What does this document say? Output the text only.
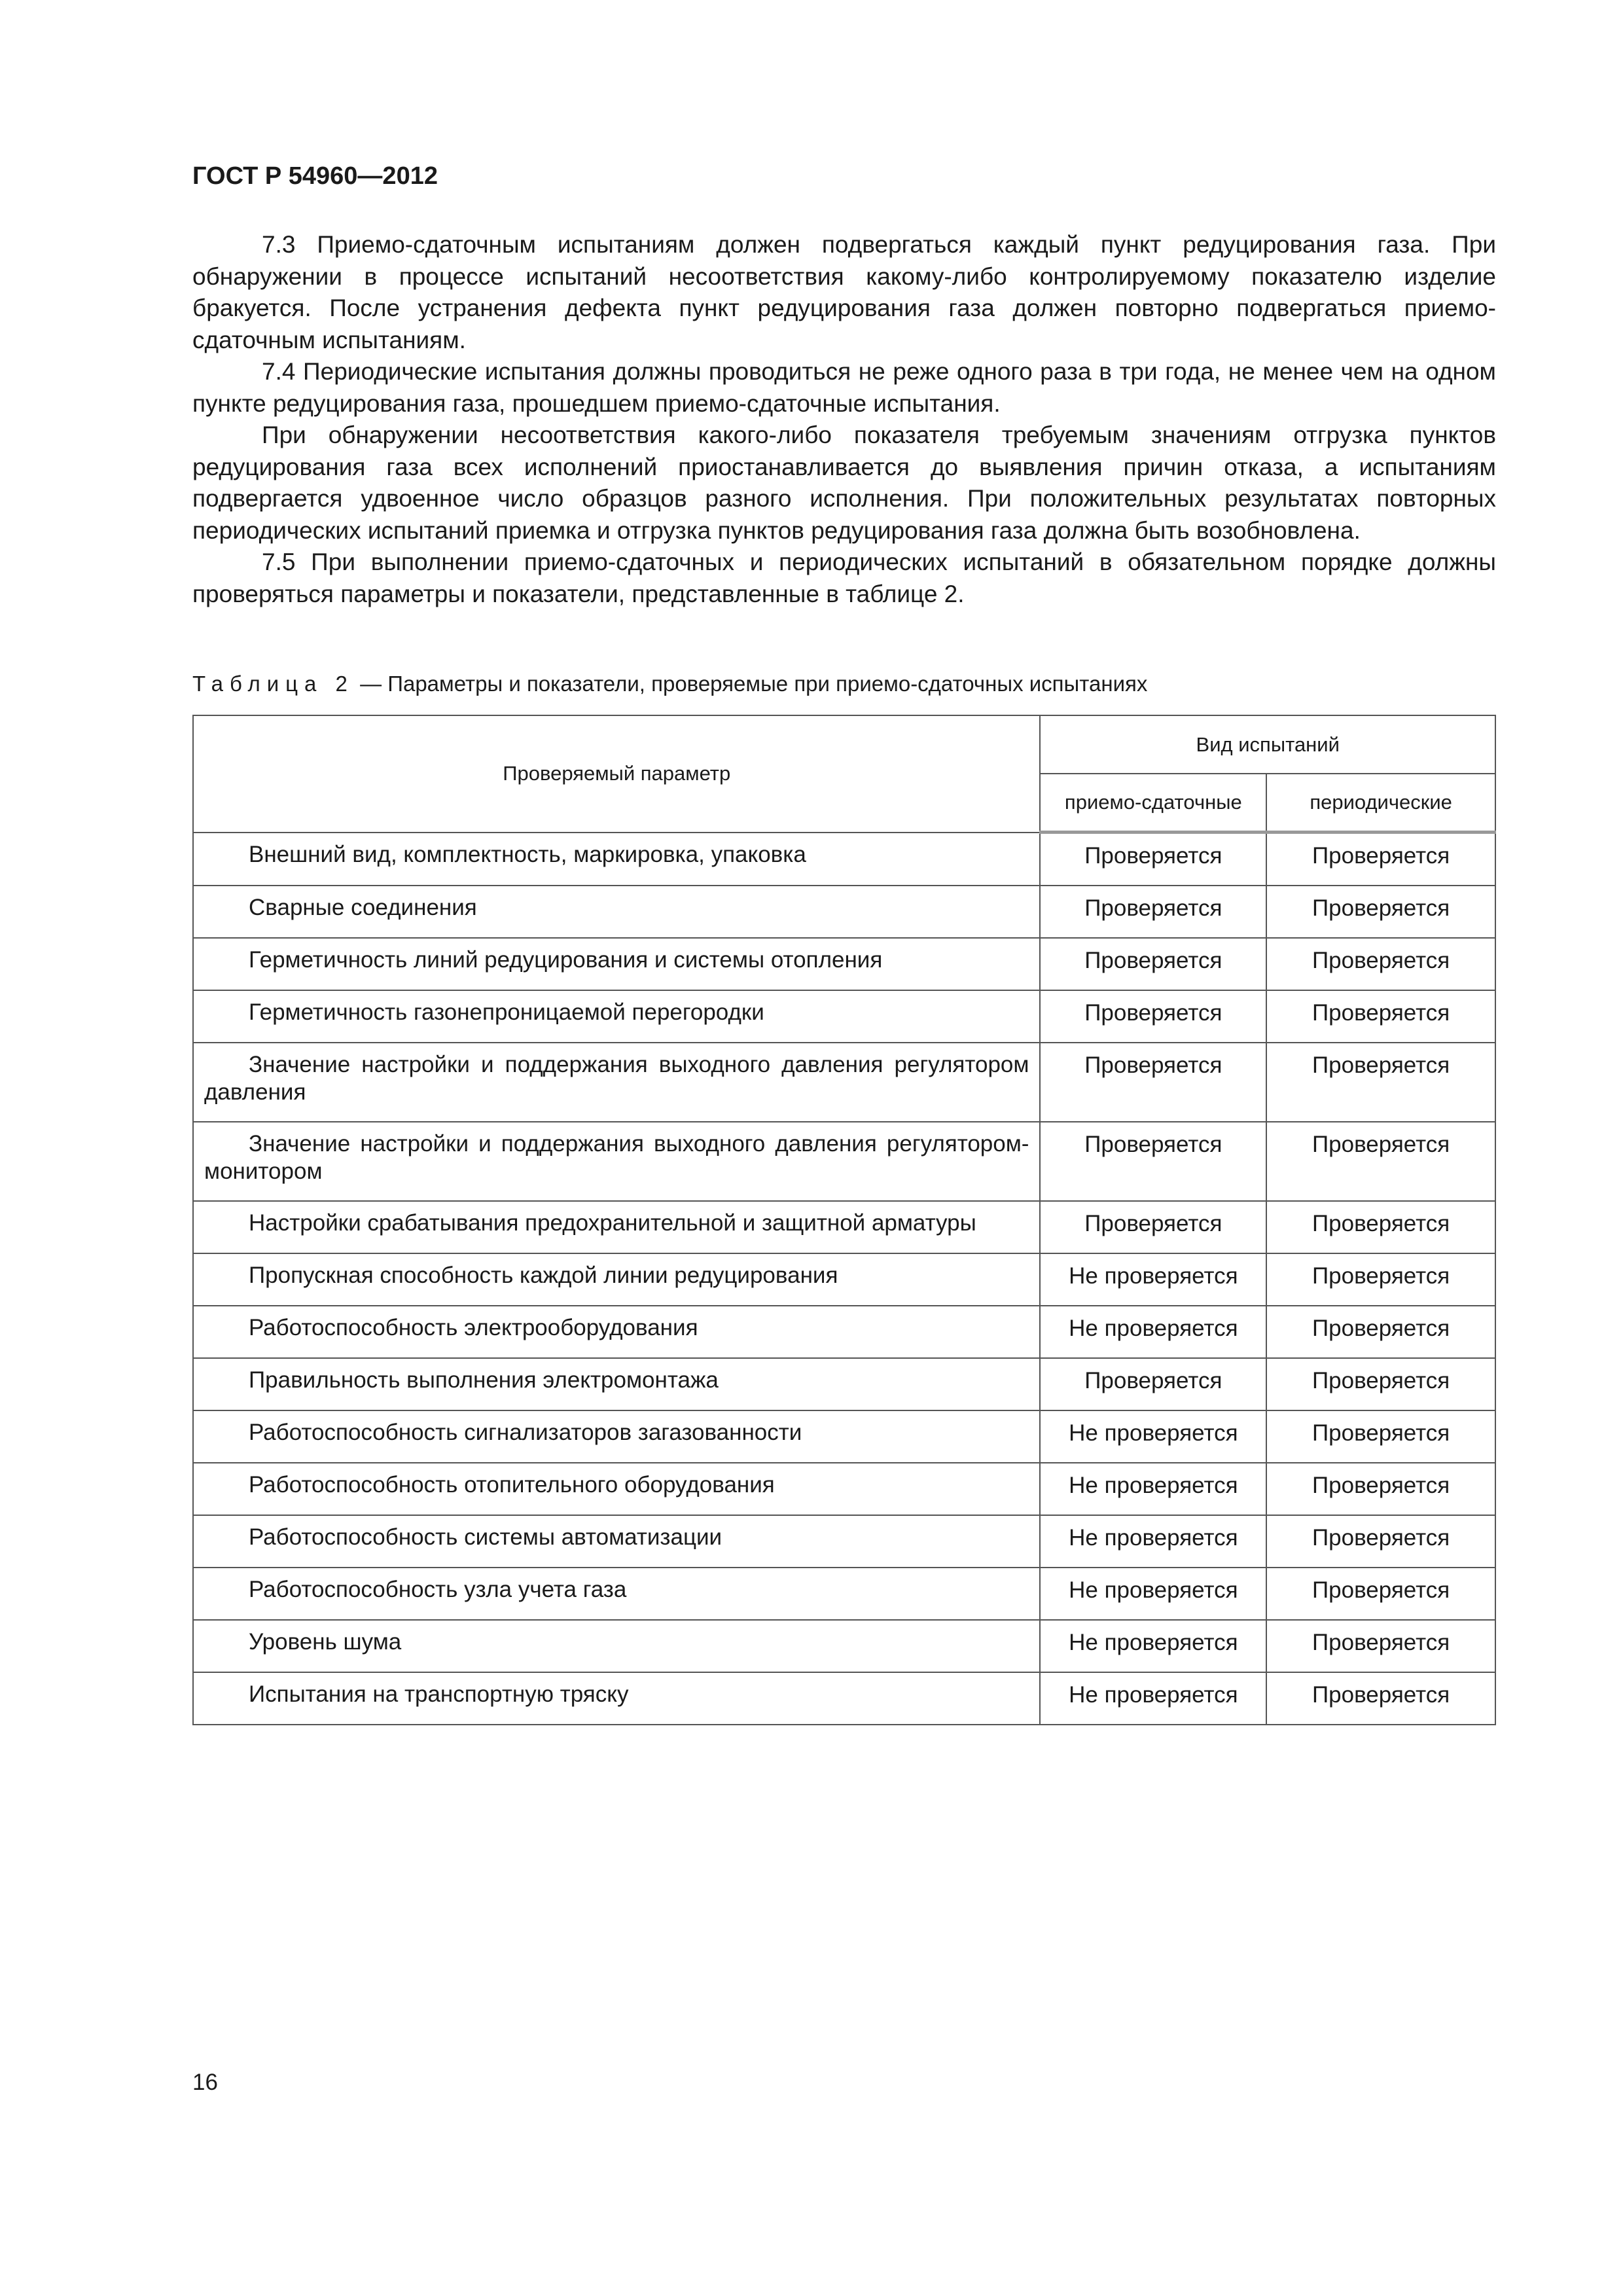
ГОСТ Р 54960—2012

7.3 Приемо-сдаточным испытаниям должен подвергаться каждый пункт редуцирования газа. При обнаружении в процессе испытаний несоответствия какому-либо контролируемому показателю изделие бракуется. После устранения дефекта пункт редуцирования газа должен повторно подвергаться приемо-сдаточным испытаниям.

7.4 Периодические испытания должны проводиться не реже одного раза в три года, не менее чем на одном пункте редуцирования газа, прошедшем приемо-сдаточные испытания.

При обнаружении несоответствия какого-либо показателя требуемым значениям отгрузка пунктов редуцирования газа всех исполнений приостанавливается до выявления причин отказа, а испытаниям подвергается удвоенное число образцов разного исполнения. При положительных результатах повторных периодических испытаний приемка и отгрузка пунктов редуцирования газа должна быть возобновлена.

7.5 При выполнении приемо-сдаточных и периодических испытаний в обязательном порядке должны проверяться параметры и показатели, представленные в таблице 2.

Таблица 2 — Параметры и показатели, проверяемые при приемо-сдаточных испытаниях

Проверяемый параметр	Вид испытаний	
	приемо-сдаточные	периодические
Внешний вид, комплектность, маркировка, упаковка	Проверяется	Проверяется
Сварные соединения	Проверяется	Проверяется
Герметичность линий редуцирования и системы отопления	Проверяется	Проверяется
Герметичность газонепроницаемой перегородки	Проверяется	Проверяется
Значение настройки и поддержания выходного давления регулятором давления	Проверяется	Проверяется
Значение настройки и поддержания выходного давления регулятором-монитором	Проверяется	Проверяется
Настройки срабатывания предохранительной и защитной арматуры	Проверяется	Проверяется
Пропускная способность каждой линии редуцирования	Не проверяется	Проверяется
Работоспособность электрооборудования	Не проверяется	Проверяется
Правильность выполнения электромонтажа	Проверяется	Проверяется
Работоспособность сигнализаторов загазованности	Не проверяется	Проверяется
Работоспособность отопительного оборудования	Не проверяется	Проверяется
Работоспособность системы автоматизации	Не проверяется	Проверяется
Работоспособность узла учета газа	Не проверяется	Проверяется
Уровень шума	Не проверяется	Проверяется
Испытания на транспортную тряску	Не проверяется	Проверяется

16
